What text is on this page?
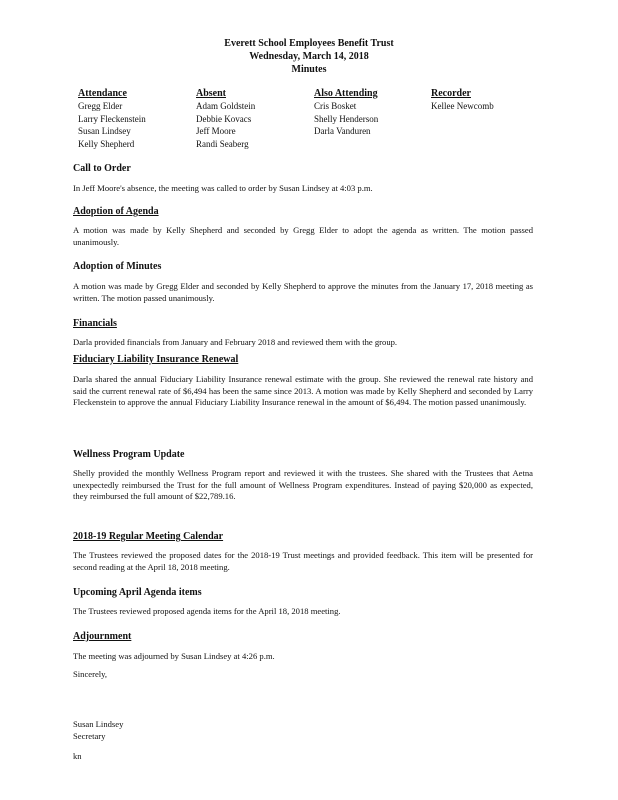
Everett School Employees Benefit Trust
Wednesday, March 14, 2018
Minutes
Attendance
Gregg Elder
Larry Fleckenstein
Susan Lindsey
Kelly Shepherd
Absent
Adam Goldstein
Debbie Kovacs
Jeff Moore
Randi Seaberg
Also Attending
Cris Bosket
Shelly Henderson
Darla Vanduren
Recorder
Kellee Newcomb
Call to Order
In Jeff Moore's absence, the meeting was called to order by Susan Lindsey at 4:03 p.m.
Adoption of Agenda
A motion was made by Kelly Shepherd and seconded by Gregg Elder to adopt the agenda as written. The motion passed unanimously.
Adoption of Minutes
A motion was made by Gregg Elder and seconded by Kelly Shepherd to approve the minutes from the January 17, 2018 meeting as written. The motion passed unanimously.
Financials
Darla provided financials from January and February 2018 and reviewed them with the group.
Fiduciary Liability Insurance Renewal
Darla shared the annual Fiduciary Liability Insurance renewal estimate with the group. She reviewed the renewal rate history and said the current renewal rate of $6,494 has been the same since 2013. A motion was made by Kelly Shepherd and seconded by Larry Fleckenstein to approve the annual Fiduciary Liability Insurance renewal in the amount of $6,494. The motion passed unanimously.
Wellness Program Update
Shelly provided the monthly Wellness Program report and reviewed it with the trustees. She shared with the Trustees that Aetna unexpectedly reimbursed the Trust for the full amount of Wellness Program expenditures. Instead of paying $20,000 as expected, they reimbursed the full amount of $22,789.16.
2018-19 Regular Meeting Calendar
The Trustees reviewed the proposed dates for the 2018-19 Trust meetings and provided feedback. This item will be presented for second reading at the April 18, 2018 meeting.
Upcoming April Agenda items
The Trustees reviewed proposed agenda items for the April 18, 2018 meeting.
Adjournment
The meeting was adjourned by Susan Lindsey at 4:26 p.m.
Sincerely,
Susan Lindsey
Secretary
kn
